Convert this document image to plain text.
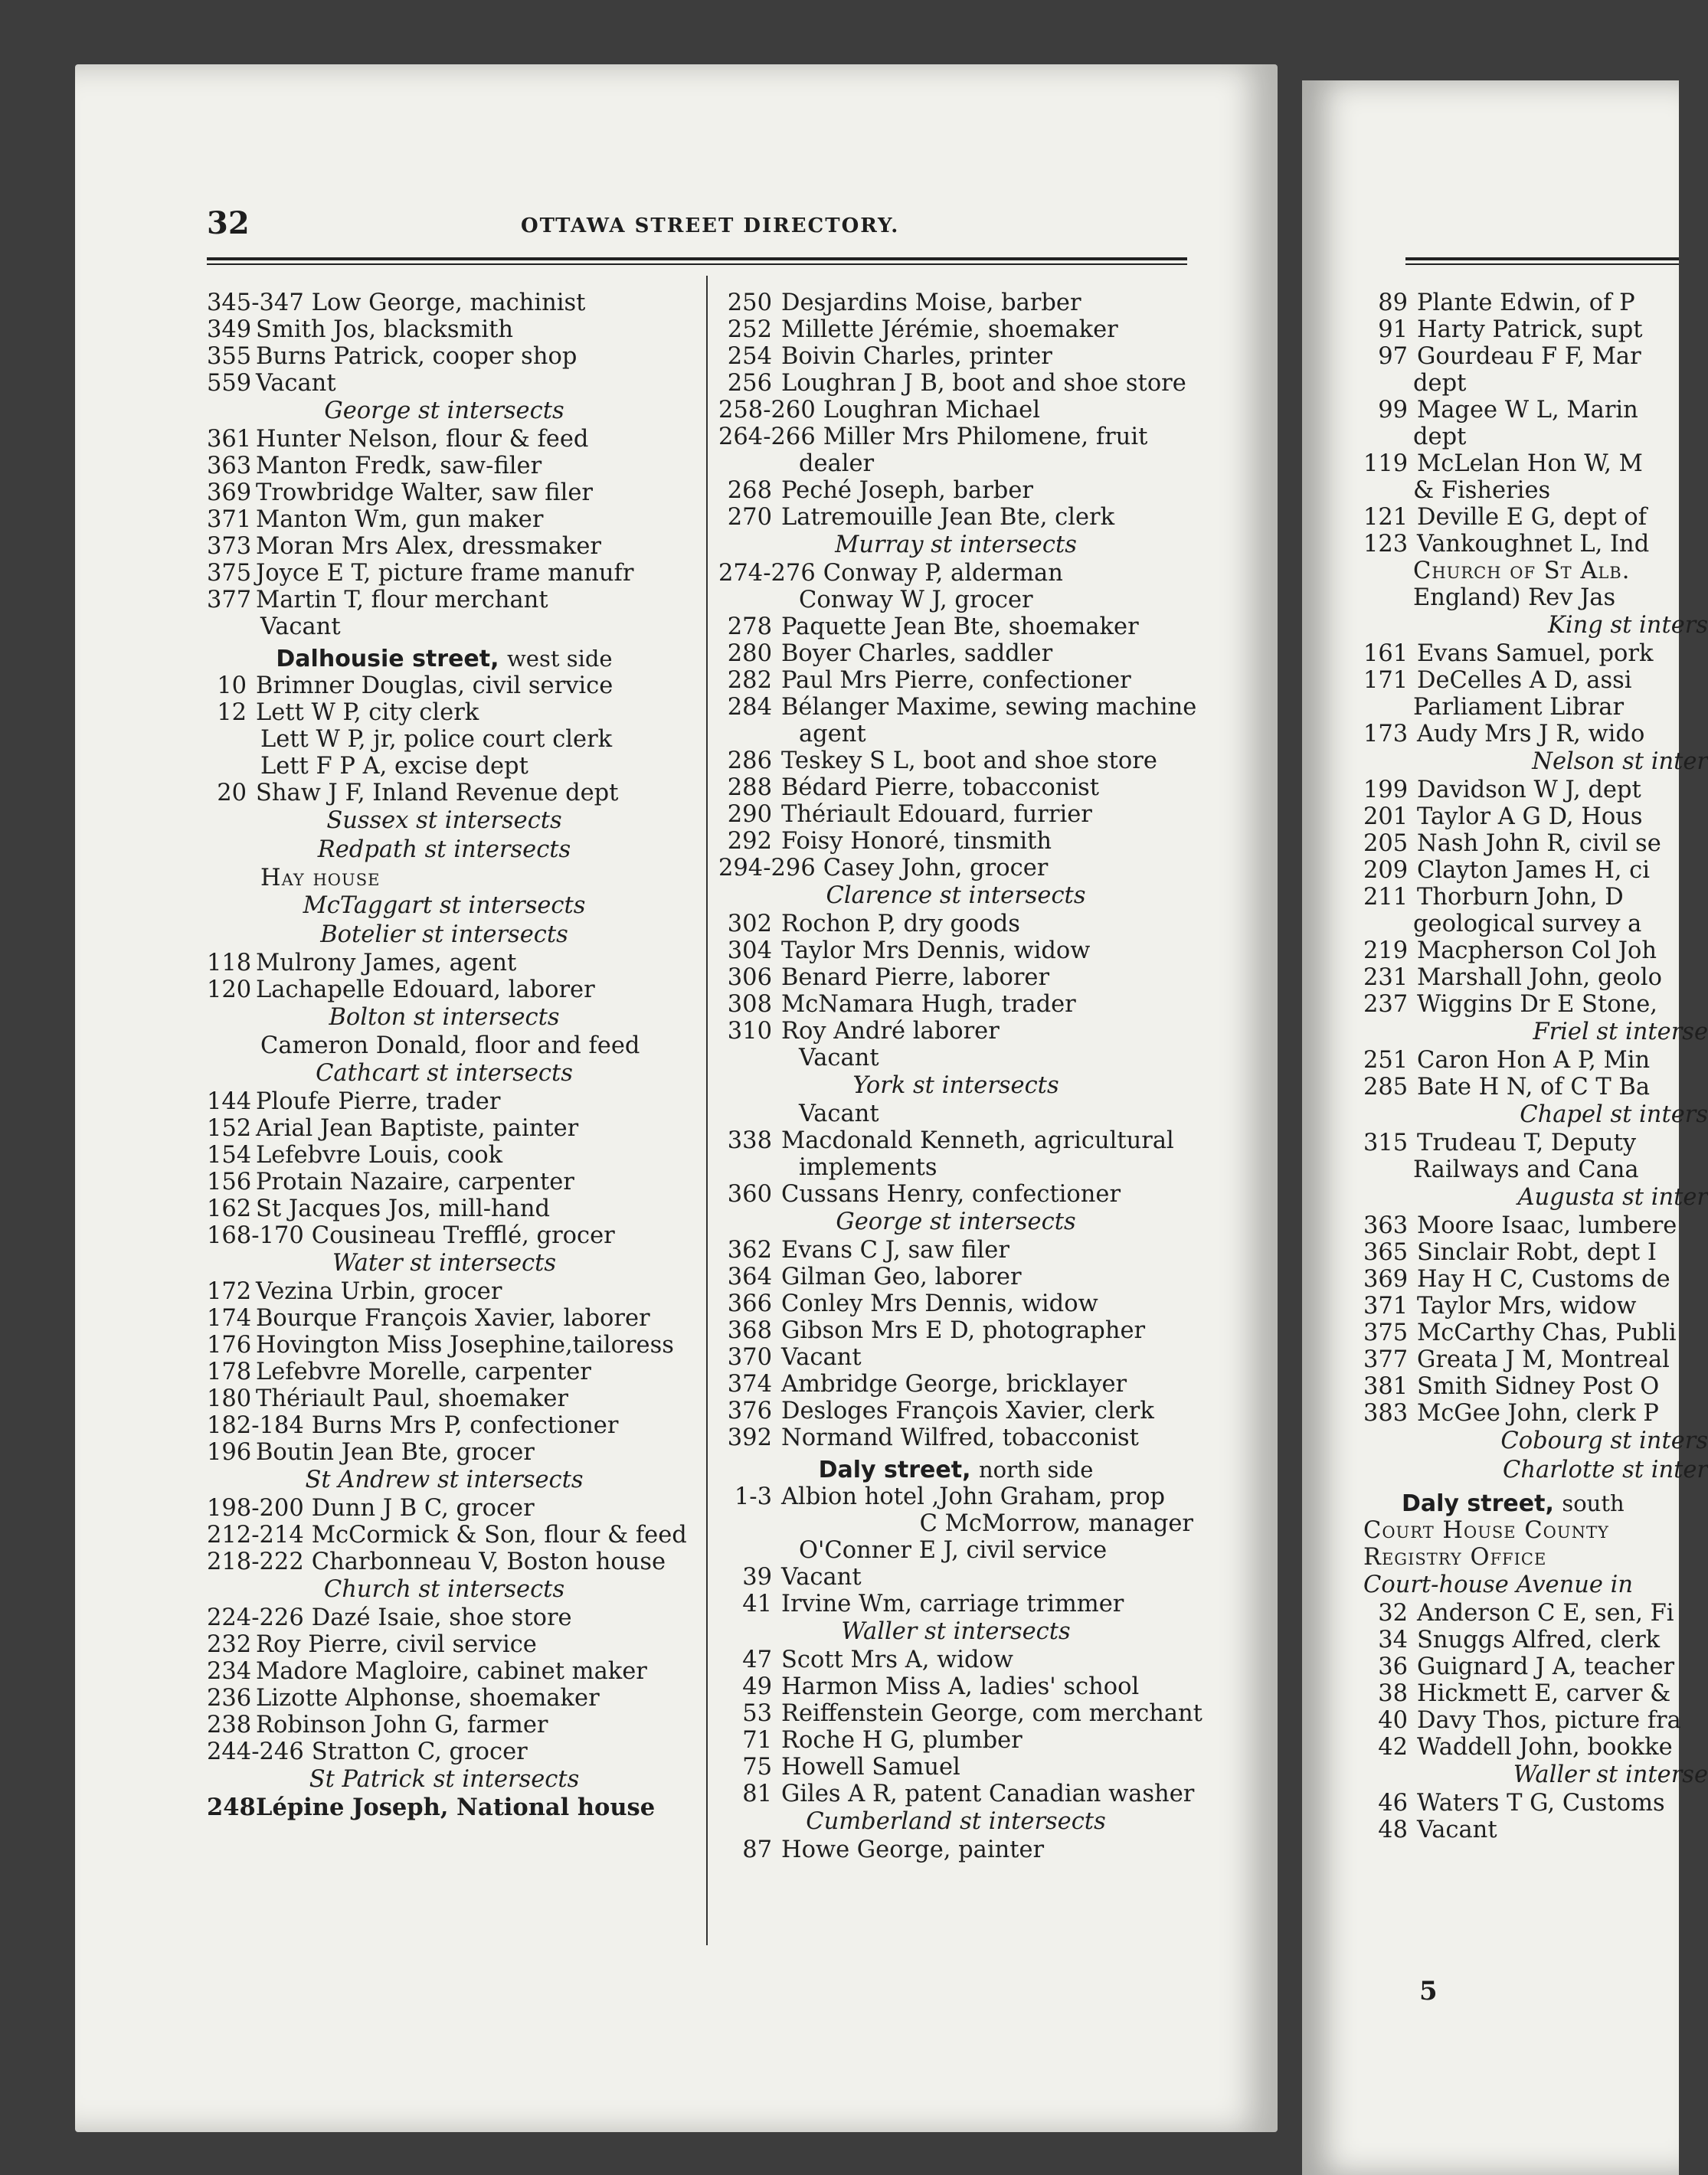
32	OTTAWA STREET DIRECTORY.
345-347 Low George, machinist
349 Smith Jos, blacksmith
355 Burns Patrick, cooper shop
559 Vacant
George st intersects
361 Hunter Nelson, flour & feed
363 Manton Fredk, saw-filer
369 Trowbridge Walter, saw filer
371 Manton Wm, gun maker
373 Moran Mrs Alex, dressmaker
375 Joyce E T, picture frame manufr
377 Martin T, flour merchant
Vacant
Dalhousie street, west side
10 Brimner Douglas, civil service
12 Lett W P, city clerk
Lett W P, jr, police court clerk
Lett F P A, excise dept
20 Shaw J F, Inland Revenue dept
Sussex st intersects
Redpath st intersects
Hay house
McTaggart st intersects
Botelier st intersects
118 Mulrony James, agent
120 Lachapelle Edouard, laborer
Bolton st intersects
Cameron Donald, floor and feed
Cathcart st intersects
144 Ploufe Pierre, trader
152 Arial Jean Baptiste, painter
154 Lefebvre Louis, cook
156 Protain Nazaire, carpenter
162 St Jacques Jos, mill-hand
168-170 Cousineau Trefflé, grocer
Water st intersects
172 Vezina Urbin, grocer
174 Bourque François Xavier, laborer
176 Hovington Miss Josephine,tailoress
178 Lefebvre Morelle, carpenter
180 Thériault Paul, shoemaker
182-184 Burns Mrs P, confectioner
196 Boutin Jean Bte, grocer
St Andrew st intersects
198-200 Dunn J B C, grocer
212-214 McCormick & Son, flour & feed
218-222 Charbonneau V, Boston house
Church st intersects
224-226 Dazé Isaie, shoe store
232 Roy Pierre, civil service
234 Madore Magloire, cabinet maker
236 Lizotte Alphonse, shoemaker
238 Robinson John G, farmer
244-246 Stratton C, grocer
St Patrick st intersects
248Lépine Joseph, National house
250 Desjardins Moise, barber
252 Millette Jérémie, shoemaker
254 Boivin Charles, printer
256 Loughran J B, boot and shoe store
258-260 Loughran Michael
264-266 Miller Mrs Philomene, fruit
dealer
268 Peché Joseph, barber
270 Latremouille Jean Bte, clerk
Murray st intersects
274-276 Conway P, alderman
Conway W J, grocer
278 Paquette Jean Bte, shoemaker
280 Boyer Charles, saddler
282 Paul Mrs Pierre, confectioner
284 Bélanger Maxime, sewing machine
agent
286 Teskey S L, boot and shoe store
288 Bédard Pierre, tobacconist
290 Thériault Edouard, furrier
292 Foisy Honoré, tinsmith
294-296 Casey John, grocer
Clarence st intersects
302 Rochon P, dry goods
304 Taylor Mrs Dennis, widow
306 Benard Pierre, laborer
308 McNamara Hugh, trader
310 Roy André laborer
Vacant
York st intersects
Vacant
338 Macdonald Kenneth, agricultural
implements
360 Cussans Henry, confectioner
George st intersects
362 Evans C J, saw filer
364 Gilman Geo, laborer
366 Conley Mrs Dennis, widow
368 Gibson Mrs E D, photographer
370 Vacant
374 Ambridge George, bricklayer
376 Desloges François Xavier, clerk
392 Normand Wilfred, tobacconist
Daly street, north side
1-3 Albion hotel ,John Graham, prop
C McMorrow, manager
O'Conner E J, civil service
39 Vacant
41 Irvine Wm, carriage trimmer
Waller st intersects
47 Scott Mrs A, widow
49 Harmon Miss A, ladies' school
53 Reiffenstein George, com merchant
71 Roche H G, plumber
75 Howell Samuel
81 Giles A R, patent Canadian washer
Cumberland st intersects
87 Howe George, painter
89 Plante Edwin, of P
91 Harty Patrick, supt
97 Gourdeau F F, Mar
dept
99 Magee W L, Marin
dept
119 McLelan Hon W, M
& Fisheries
121 Deville E G, dept of
123 Vankoughnet L, Ind
Church of St Alb.
England) Rev Jas
King st inters
161 Evans Samuel, pork
171 DeCelles A D, assi
Parliament Librar
173 Audy Mrs J R, wido
Nelson st inter
199 Davidson W J, dept
201 Taylor A G D, Hous
205 Nash John R, civil se
209 Clayton James H, ci
211 Thorburn John, D
geological survey a
219 Macpherson Col Joh
231 Marshall John, geolo
237 Wiggins Dr E Stone,
Friel st interse
251 Caron Hon A P, Min
285 Bate H N, of C T Ba
Chapel st inters
315 Trudeau T, Deputy
Railways and Cana
Augusta st inter
363 Moore Isaac, lumbere
365 Sinclair Robt, dept I
369 Hay H C, Customs de
371 Taylor Mrs, widow
375 McCarthy Chas, Publi
377 Greata J M, Montreal
381 Smith Sidney Post O
383 McGee John, clerk P
Cobourg st inters
Charlotte st inter
Daly street, south
Court House County
Registry Office
Court-house Avenue in
32 Anderson C E, sen, Fi
34 Snuggs Alfred, clerk
36 Guignard J A, teacher
38 Hickmett E, carver &
40 Davy Thos, picture fra
42 Waddell John, bookke
Waller st interse
46 Waters T G, Customs
48 Vacant
5
